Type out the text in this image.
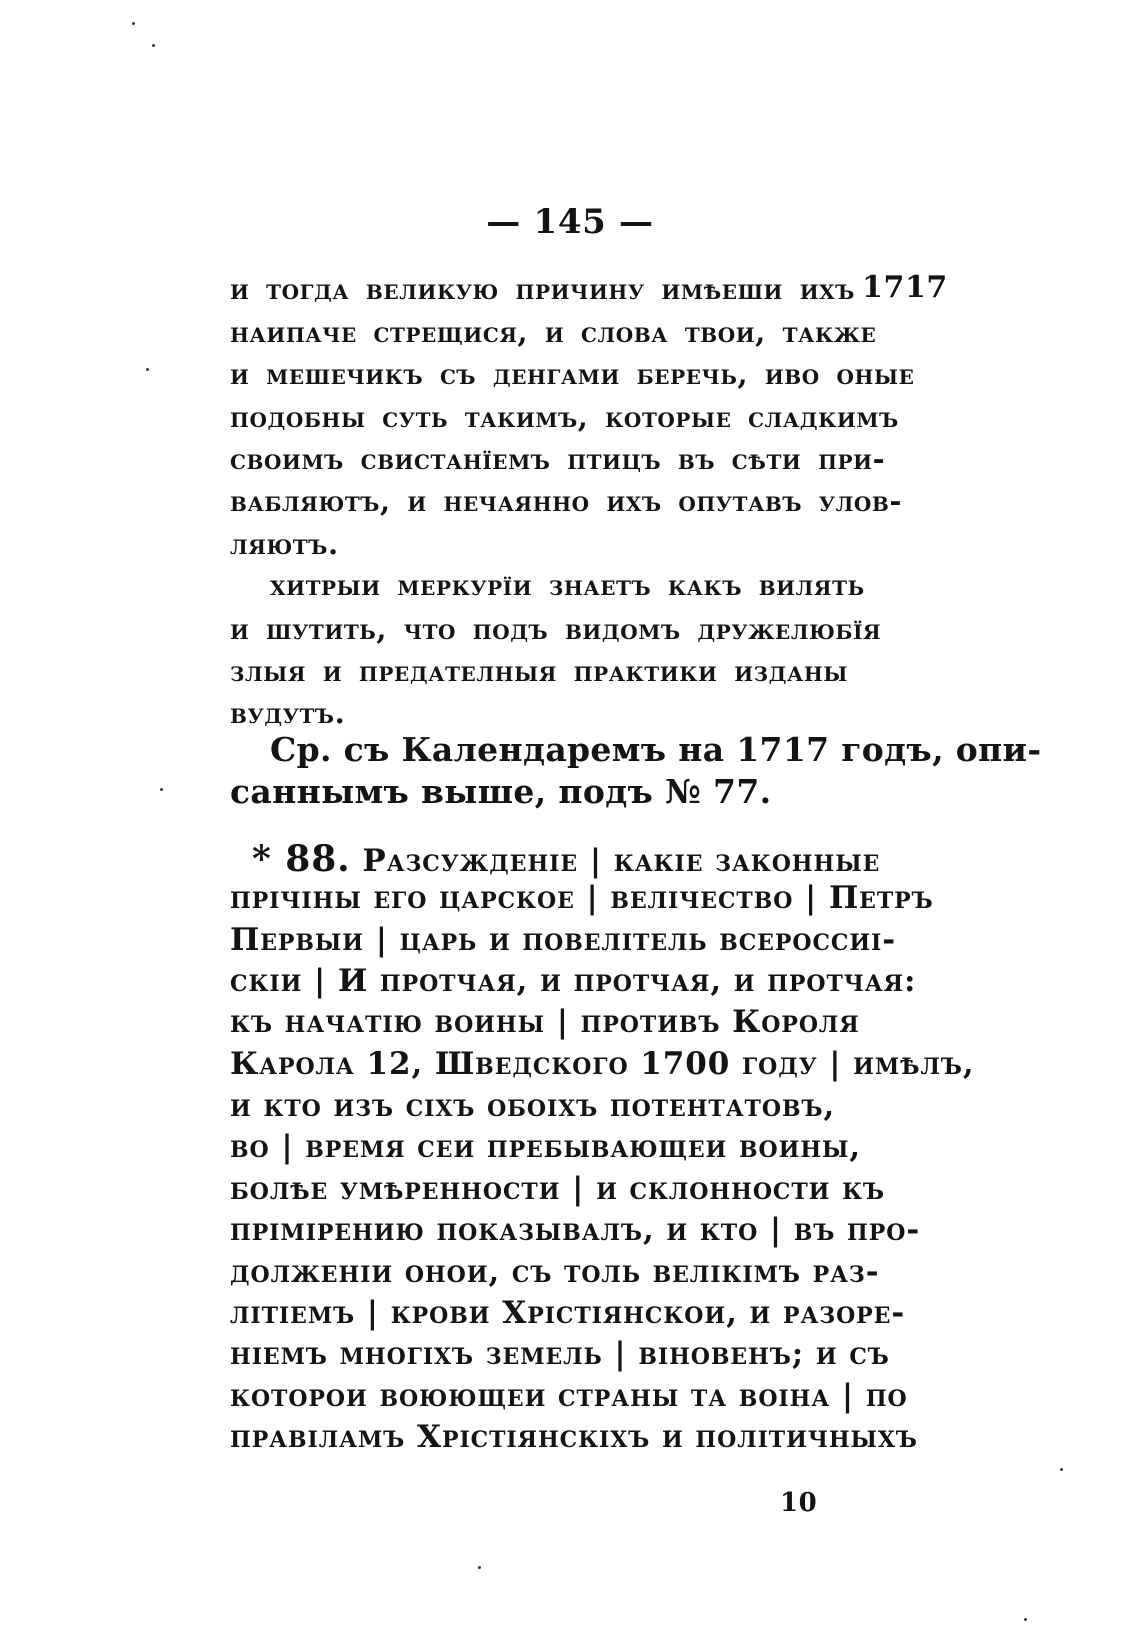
— 145 —
и тогда великую причину имѣеши ихъ 1717
наипаче стрещися, и слова твои, также
и мешечикъ съ денгами беречь, иво оные
подобны суть такимъ, которые сладкимъ
своимъ свистанїемъ птицъ въ сѣти при-
вабляютъ, и нечаянно ихъ опутавъ улов-
ляютъ.
хитрыи меркурїи знаетъ какъ вилять
и шутить, что подъ видомъ дружелюбїя
злыя и предателныя практики изданы
вудутъ.
Ср. съ Календаремъ на 1717 годъ, опи-
саннымъ выше, подъ № 77.
* 88. Разсужденіе | какіе законные
прічіны его царское | велічество | Петръ
Первыи | царь и повелітель всероссиі-
скіи | И протчая, и протчая, и протчая:
къ начатію воины | противъ Короля
Карола 12, Шведского 1700 году | имѣлъ,
и кто изъ сіхъ обоіхъ потентатовъ,
во | время сеи пребывающеи воины,
болѣе умѣренности | и склонности къ
прімірению показывалъ, и кто | въ про-
долженіи онои, съ толь велікімъ раз-
літіемъ | крови Хрістіянскои, и разоре-
ніемъ многіхъ земель | віновенъ; и съ
которои воюющеи страны та воіна | по
правіламъ Хрістіянскіхъ и політичныхъ
10
